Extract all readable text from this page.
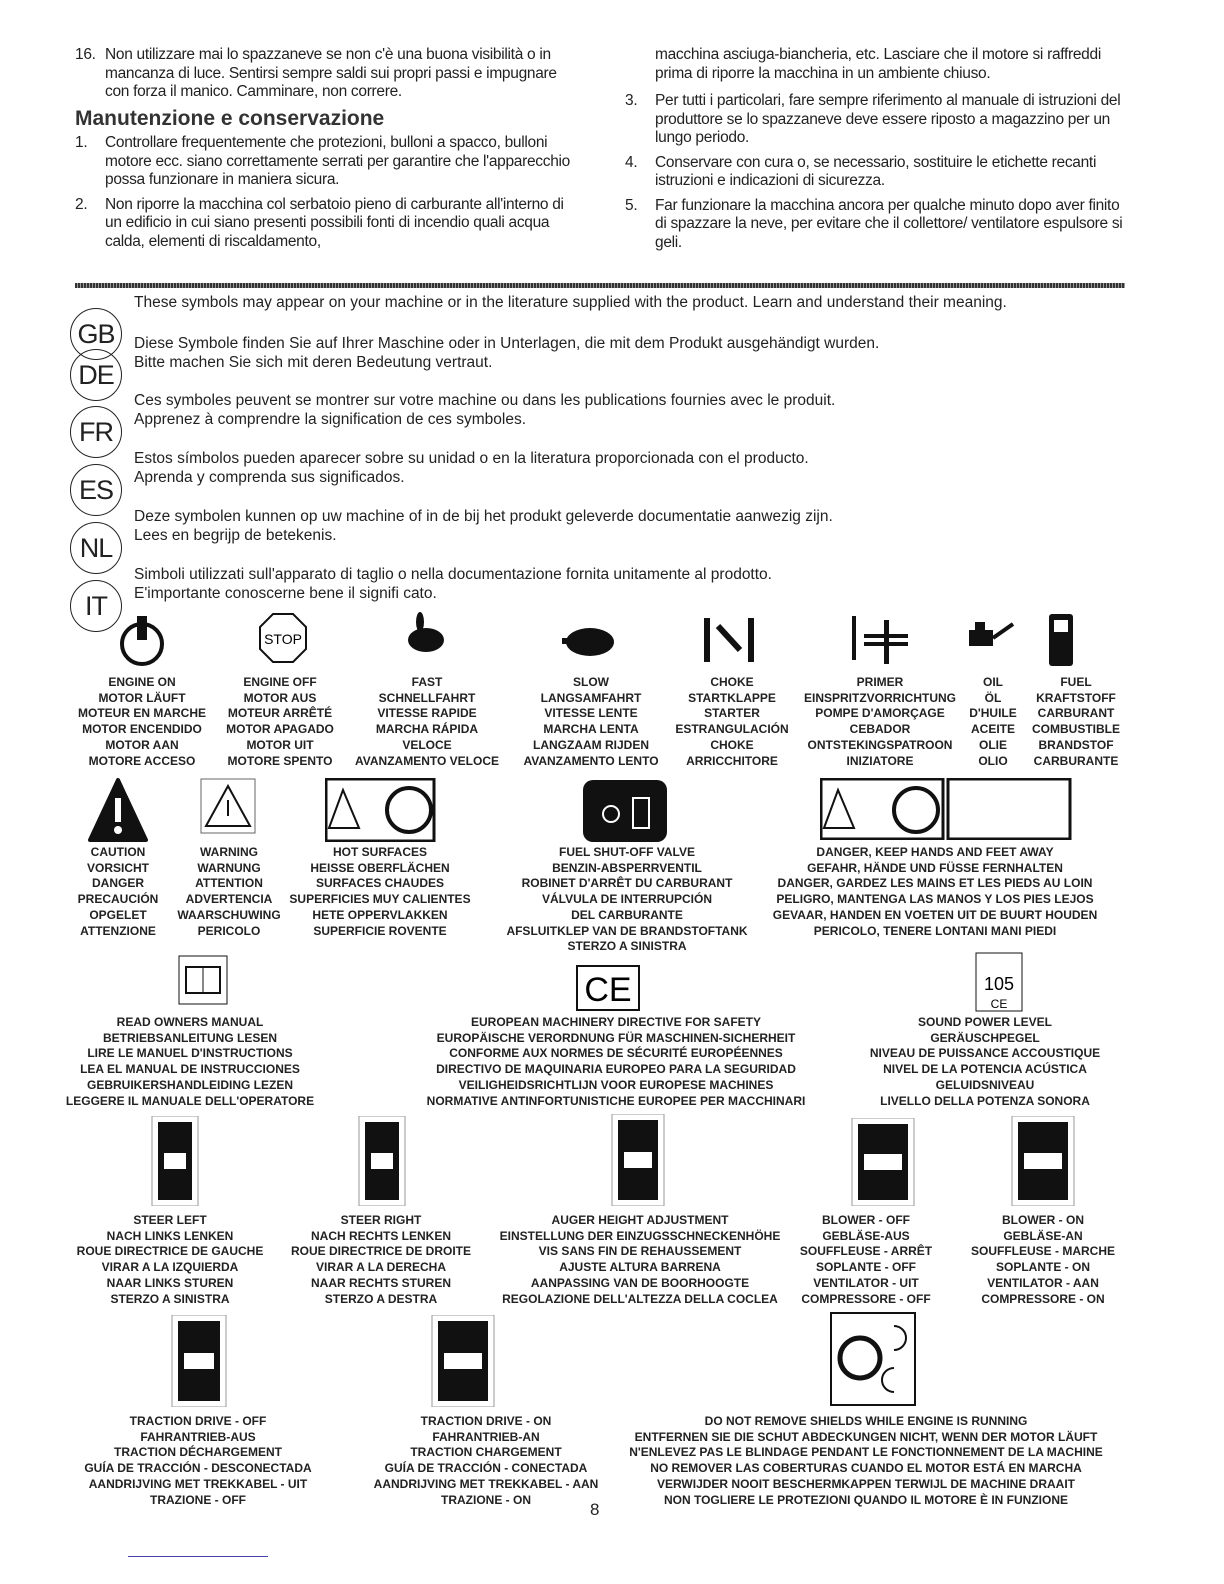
16. Non utilizzare mai lo spazzaneve se non c'è una buona visibilità o in mancanza di luce. Sentirsi sempre saldi sui propri passi e impugnare con forza il manico. Camminare, non correre.
Manutenzione e conservazione
1. Controllare frequentemente che protezioni, bulloni a spacco, bulloni motore ecc. siano correttamente serrati per garantire che l'apparecchio possa funzionare in maniera sicura.
2. Non riporre la macchina col serbatoio pieno di carburante all'interno di un edificio in cui siano presenti possibili fonti di incendio quali acqua calda, elementi di riscaldamento,
macchina asciuga-biancheria, etc. Lasciare che il motore si raffreddi prima di riporre la macchina in un ambiente chiuso.
3. Per tutti i particolari, fare sempre riferimento al manuale di istruzioni del produttore se lo spazzaneve deve essere riposto a magazzino per un lungo periodo.
4. Conservare con cura o, se necessario, sostituire le etichette recanti istruzioni e indicazioni di sicurezza.
5. Far funzionare la macchina ancora per qualche minuto dopo aver finito di spazzare la neve, per evitare che il collettore/ ventilatore espulsore si geli.
GB
These symbols may appear on your machine or in the literature supplied with the product. Learn and understand their meaning.
DE
Diese Symbole finden Sie auf Ihrer Maschine oder in Unterlagen, die mit dem Produkt ausgehändigt wurden.
Bitte machen Sie sich mit deren Bedeutung vertraut.
FR
Ces symboles peuvent se montrer sur votre machine ou dans les publications fournies avec le produit.
Apprenez à comprendre la signification de ces symboles.
ES
Estos símbolos pueden aparecer sobre su unidad o en la literatura proporcionada con el producto.
Aprenda y comprenda sus significados.
NL
Deze symbolen kunnen op uw machine of in de bij het produkt geleverde documentatie aanwezig zijn.
Lees en begrijp de betekenis.
IT
Simboli utilizzati sull'apparato di taglio o nella documentazione fornita unitamente al prodotto.
E'importante conoscerne bene il signifi cato.
ENGINE ON
MOTOR LÄUFT
MOTEUR EN MARCHE
MOTOR ENCENDIDO
MOTOR AAN
MOTORE ACCESO
STOP
ENGINE OFF
MOTOR AUS
MOTEUR ARRÊTÉ
MOTOR APAGADO
MOTOR UIT
MOTORE SPENTO
FAST
SCHNELLFAHRT
VITESSE RAPIDE
MARCHA RÁPIDA
VELOCE
AVANZAMENTO VELOCE
SLOW
LANGSAMFAHRT
VITESSE LENTE
MARCHA LENTA
LANGZAAM RIJDEN
AVANZAMENTO LENTO
CHOKE
STARTKLAPPE
STARTER
ESTRANGULACIÓN
CHOKE
ARRICCHITORE
PRIMER
EINSPRITZVORRICHTUNG
POMPE D'AMORÇAGE
CEBADOR
ONTSTEKINGSPATROON
INIZIATORE
OIL
ÖL
D'HUILE
ACEITE
OLIE
OLIO
FUEL
KRAFTSTOFF
CARBURANT
COMBUSTIBLE
BRANDSTOF
CARBURANTE
CAUTION
VORSICHT
DANGER
PRECAUCIÓN
OPGELET
ATTENZIONE
WARNING
WARNUNG
ATTENTION
ADVERTENCIA
WAARSCHUWING
PERICOLO
HOT SURFACES
HEISSE OBERFLÄCHEN
SURFACES CHAUDES
SUPERFICIES MUY CALIENTES
HETE OPPERVLAKKEN
SUPERFICIE ROVENTE
FUEL SHUT-OFF VALVE
BENZIN-ABSPERRVENTIL
ROBINET D'ARRÊT DU CARBURANT
VÁLVULA DE INTERRUPCIÓN
DEL CARBURANTE
AFSLUITKLEP VAN DE BRANDSTOFTANK
STERZO A SINISTRA
DANGER, KEEP HANDS AND FEET AWAY
GEFAHR, HÄNDE UND FÜSSE FERNHALTEN
DANGER, GARDEZ LES MAINS ET LES PIEDS AU LOIN
PELIGRO, MANTENGA LAS MANOS Y LOS PIES LEJOS
GEVAAR, HANDEN EN VOETEN UIT DE BUURT HOUDEN
PERICOLO, TENERE LONTANI MANI PIEDI
READ OWNERS MANUAL
BETRIEBSANLEITUNG LESEN
LIRE LE MANUEL D'INSTRUCTIONS
LEA EL MANUAL DE INSTRUCCIONES
GEBRUIKERSHANDLEIDING LEZEN
LEGGERE IL MANUALE DELL'OPERATORE
CE
EUROPEAN MACHINERY DIRECTIVE FOR SAFETY
EUROPÄISCHE VERORDNUNG FÜR MASCHINEN-SICHERHEIT
CONFORME AUX NORMES DE SÉCURITÉ EUROPÉENNES
DIRECTIVO DE MAQUINARIA EUROPEO PARA LA SEGURIDAD
VEILIGHEIDSRICHTLIJN VOOR EUROPESE MACHINES
NORMATIVE ANTINFORTUNISTICHE EUROPEE PER MACCHINARI
105
CE
SOUND POWER LEVEL
GERÄUSCHPEGEL
NIVEAU DE PUISSANCE ACCOUSTIQUE
NIVEL DE LA POTENCIA ACÚSTICA
GELUIDSNIVEAU
LIVELLO DELLA POTENZA SONORA
STEER LEFT
NACH LINKS LENKEN
ROUE DIRECTRICE DE GAUCHE
VIRAR A LA IZQUIERDA
NAAR LINKS STUREN
STERZO A SINISTRA
STEER RIGHT
NACH RECHTS LENKEN
ROUE DIRECTRICE DE DROITE
VIRAR A LA DERECHA
NAAR RECHTS STUREN
STERZO A DESTRA
AUGER HEIGHT ADJUSTMENT
EINSTELLUNG DER EINZUGSSCHNECKENHÖHE
VIS SANS FIN DE REHAUSSEMENT
AJUSTE ALTURA BARRENA
AANPASSING VAN DE BOORHOOGTE
REGOLAZIONE DELL'ALTEZZA DELLA COCLEA
BLOWER - OFF
GEBLÄSE-AUS
SOUFFLEUSE - ARRÊT
SOPLANTE - OFF
VENTILATOR - UIT
COMPRESSORE - OFF
BLOWER - ON
GEBLÄSE-AN
SOUFFLEUSE - MARCHE
SOPLANTE - ON
VENTILATOR - AAN
COMPRESSORE - ON
TRACTION DRIVE - OFF
FAHRANTRIEB-AUS
TRACTION DÉCHARGEMENT
GUÍA DE TRACCIÓN - DESCONECTADA
AANDRIJVING MET TREKKABEL - UIT
TRAZIONE - OFF
TRACTION DRIVE - ON
FAHRANTRIEB-AN
TRACTION CHARGEMENT
GUÍA DE TRACCIÓN - CONECTADA
AANDRIJVING MET TREKKABEL - AAN
TRAZIONE - ON
DO NOT REMOVE SHIELDS WHILE ENGINE IS RUNNING
ENTFERNEN SIE DIE SCHUT ABDECKUNGEN NICHT, WENN DER MOTOR LÄUFT
N'ENLEVEZ PAS LE BLINDAGE PENDANT LE FONCTIONNEMENT DE LA MACHINE
NO REMOVER LAS COBERTURAS CUANDO EL MOTOR ESTÁ EN MARCHA
VERWIJDER NOOIT BESCHERMKAPPEN TERWIJL DE MACHINE DRAAIT
NON TOGLIERE LE PROTEZIONI QUANDO IL MOTORE È IN FUNZIONE
8
